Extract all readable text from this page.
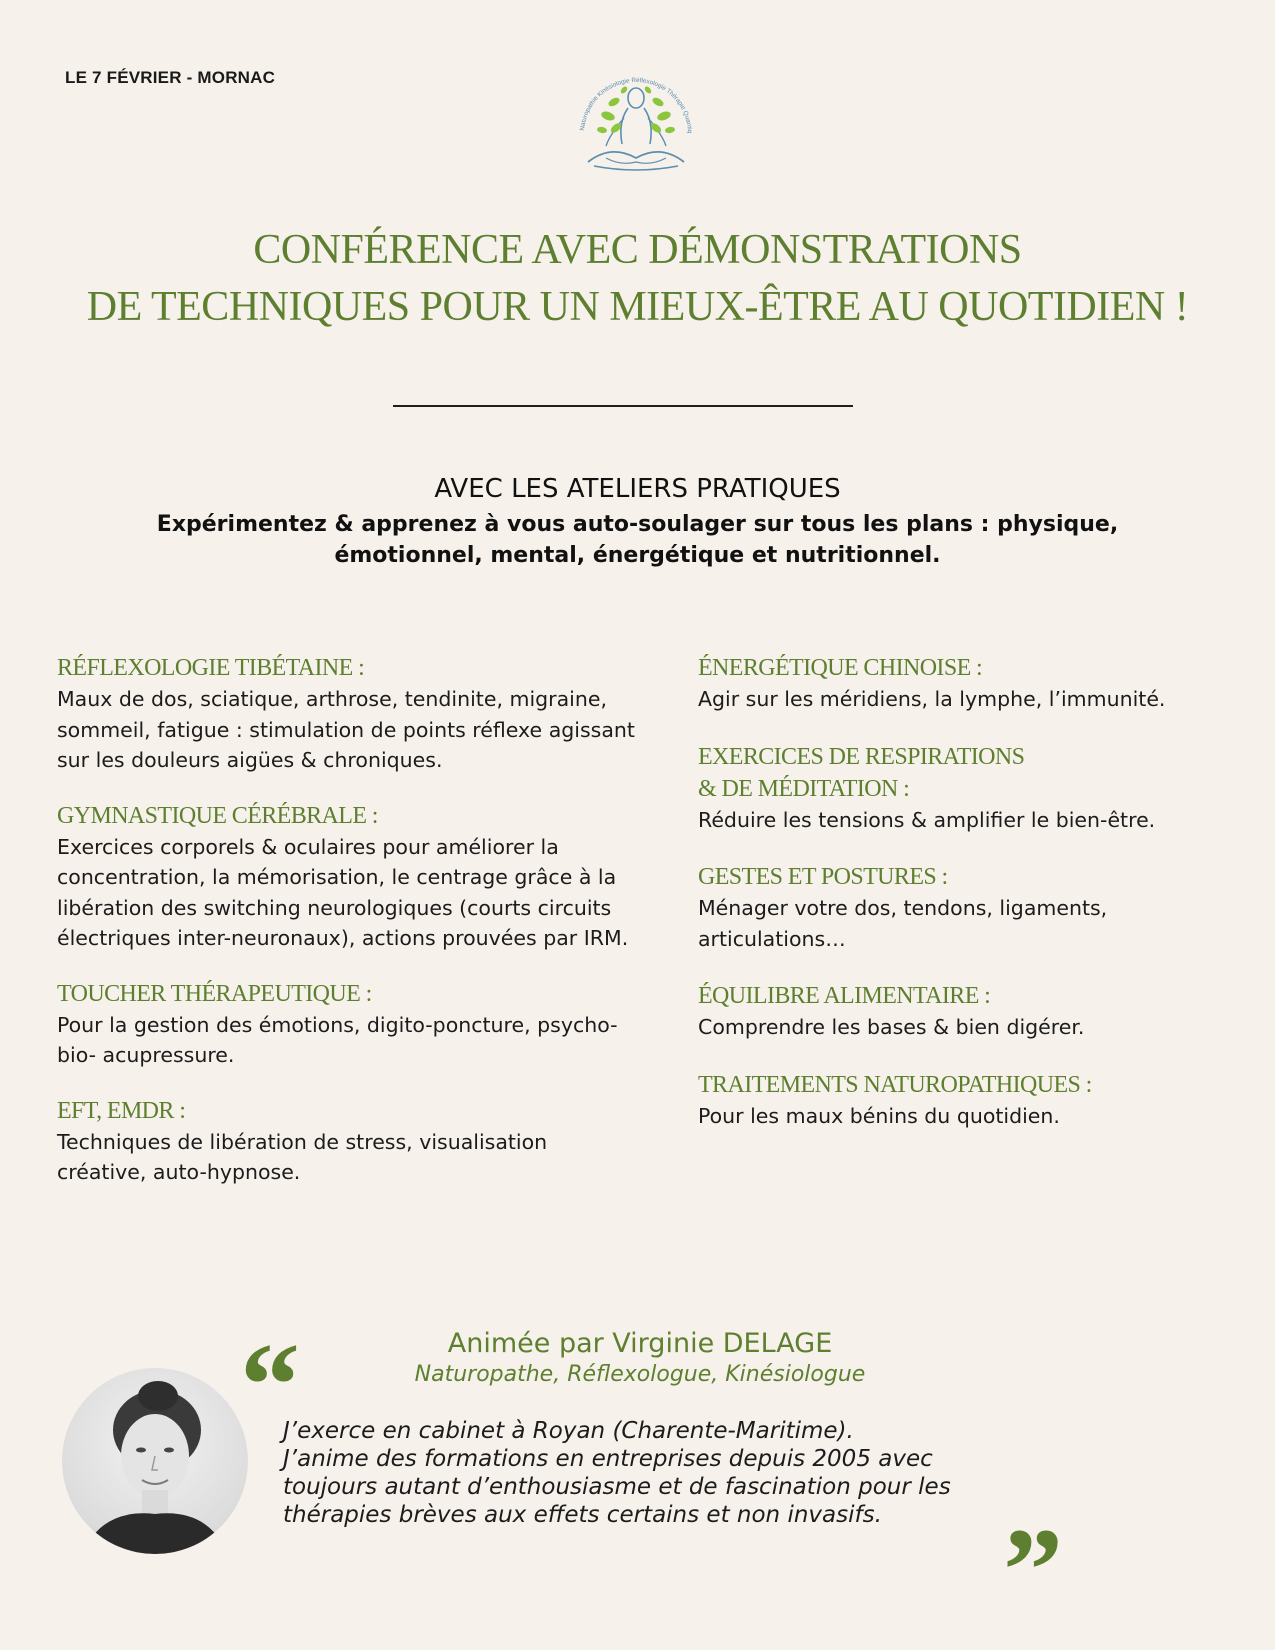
LE 7 FÉVRIER - MORNAC
Naturopathie Kinésiologie Réflexologie Thérapie Quantiq
CONFÉRENCE AVEC DÉMONSTRATIONS
DE TECHNIQUES POUR UN MIEUX-ÊTRE AU QUOTIDIEN !
AVEC LES ATELIERS PRATIQUES
Expérimentez & apprenez à vous auto-soulager sur tous les plans : physique, émotionnel, mental, énergétique et nutritionnel.
RÉFLEXOLOGIE TIBÉTAINE :
Maux de dos, sciatique, arthrose, tendinite, migraine, sommeil, fatigue : stimulation de points réflexe agissant sur les douleurs aigües & chroniques.
GYMNASTIQUE CÉRÉBRALE :
Exercices corporels & oculaires pour améliorer la concentration, la mémorisation, le centrage grâce à la libération des switching neurologiques (courts circuits électriques inter-neuronaux), actions prouvées par IRM.
TOUCHER THÉRAPEUTIQUE :
Pour la gestion des émotions, digito-poncture, psycho-bio- acupressure.
EFT, EMDR :
Techniques de libération de stress, visualisation créative, auto-hypnose.
ÉNERGÉTIQUE CHINOISE :
Agir sur les méridiens, la lymphe, l’immunité.
EXERCICES DE RESPIRATIONS
& DE MÉDITATION :
Réduire les tensions & amplifier le bien-être.
GESTES ET POSTURES :
Ménager votre dos, tendons, ligaments, articulations…
ÉQUILIBRE ALIMENTAIRE :
Comprendre les bases & bien digérer.
TRAITEMENTS NATUROPATHIQUES :
Pour les maux bénins du quotidien.
“	Animée par Virginie DELAGE
Naturopathe, Réflexologue, Kinésiologue
J’exerce en cabinet à Royan (Charente-Maritime).
J’anime des formations en entreprises depuis 2005 avec
toujours autant d’enthousiasme et de fascination pour les
thérapies brèves aux effets certains et non invasifs.	”
